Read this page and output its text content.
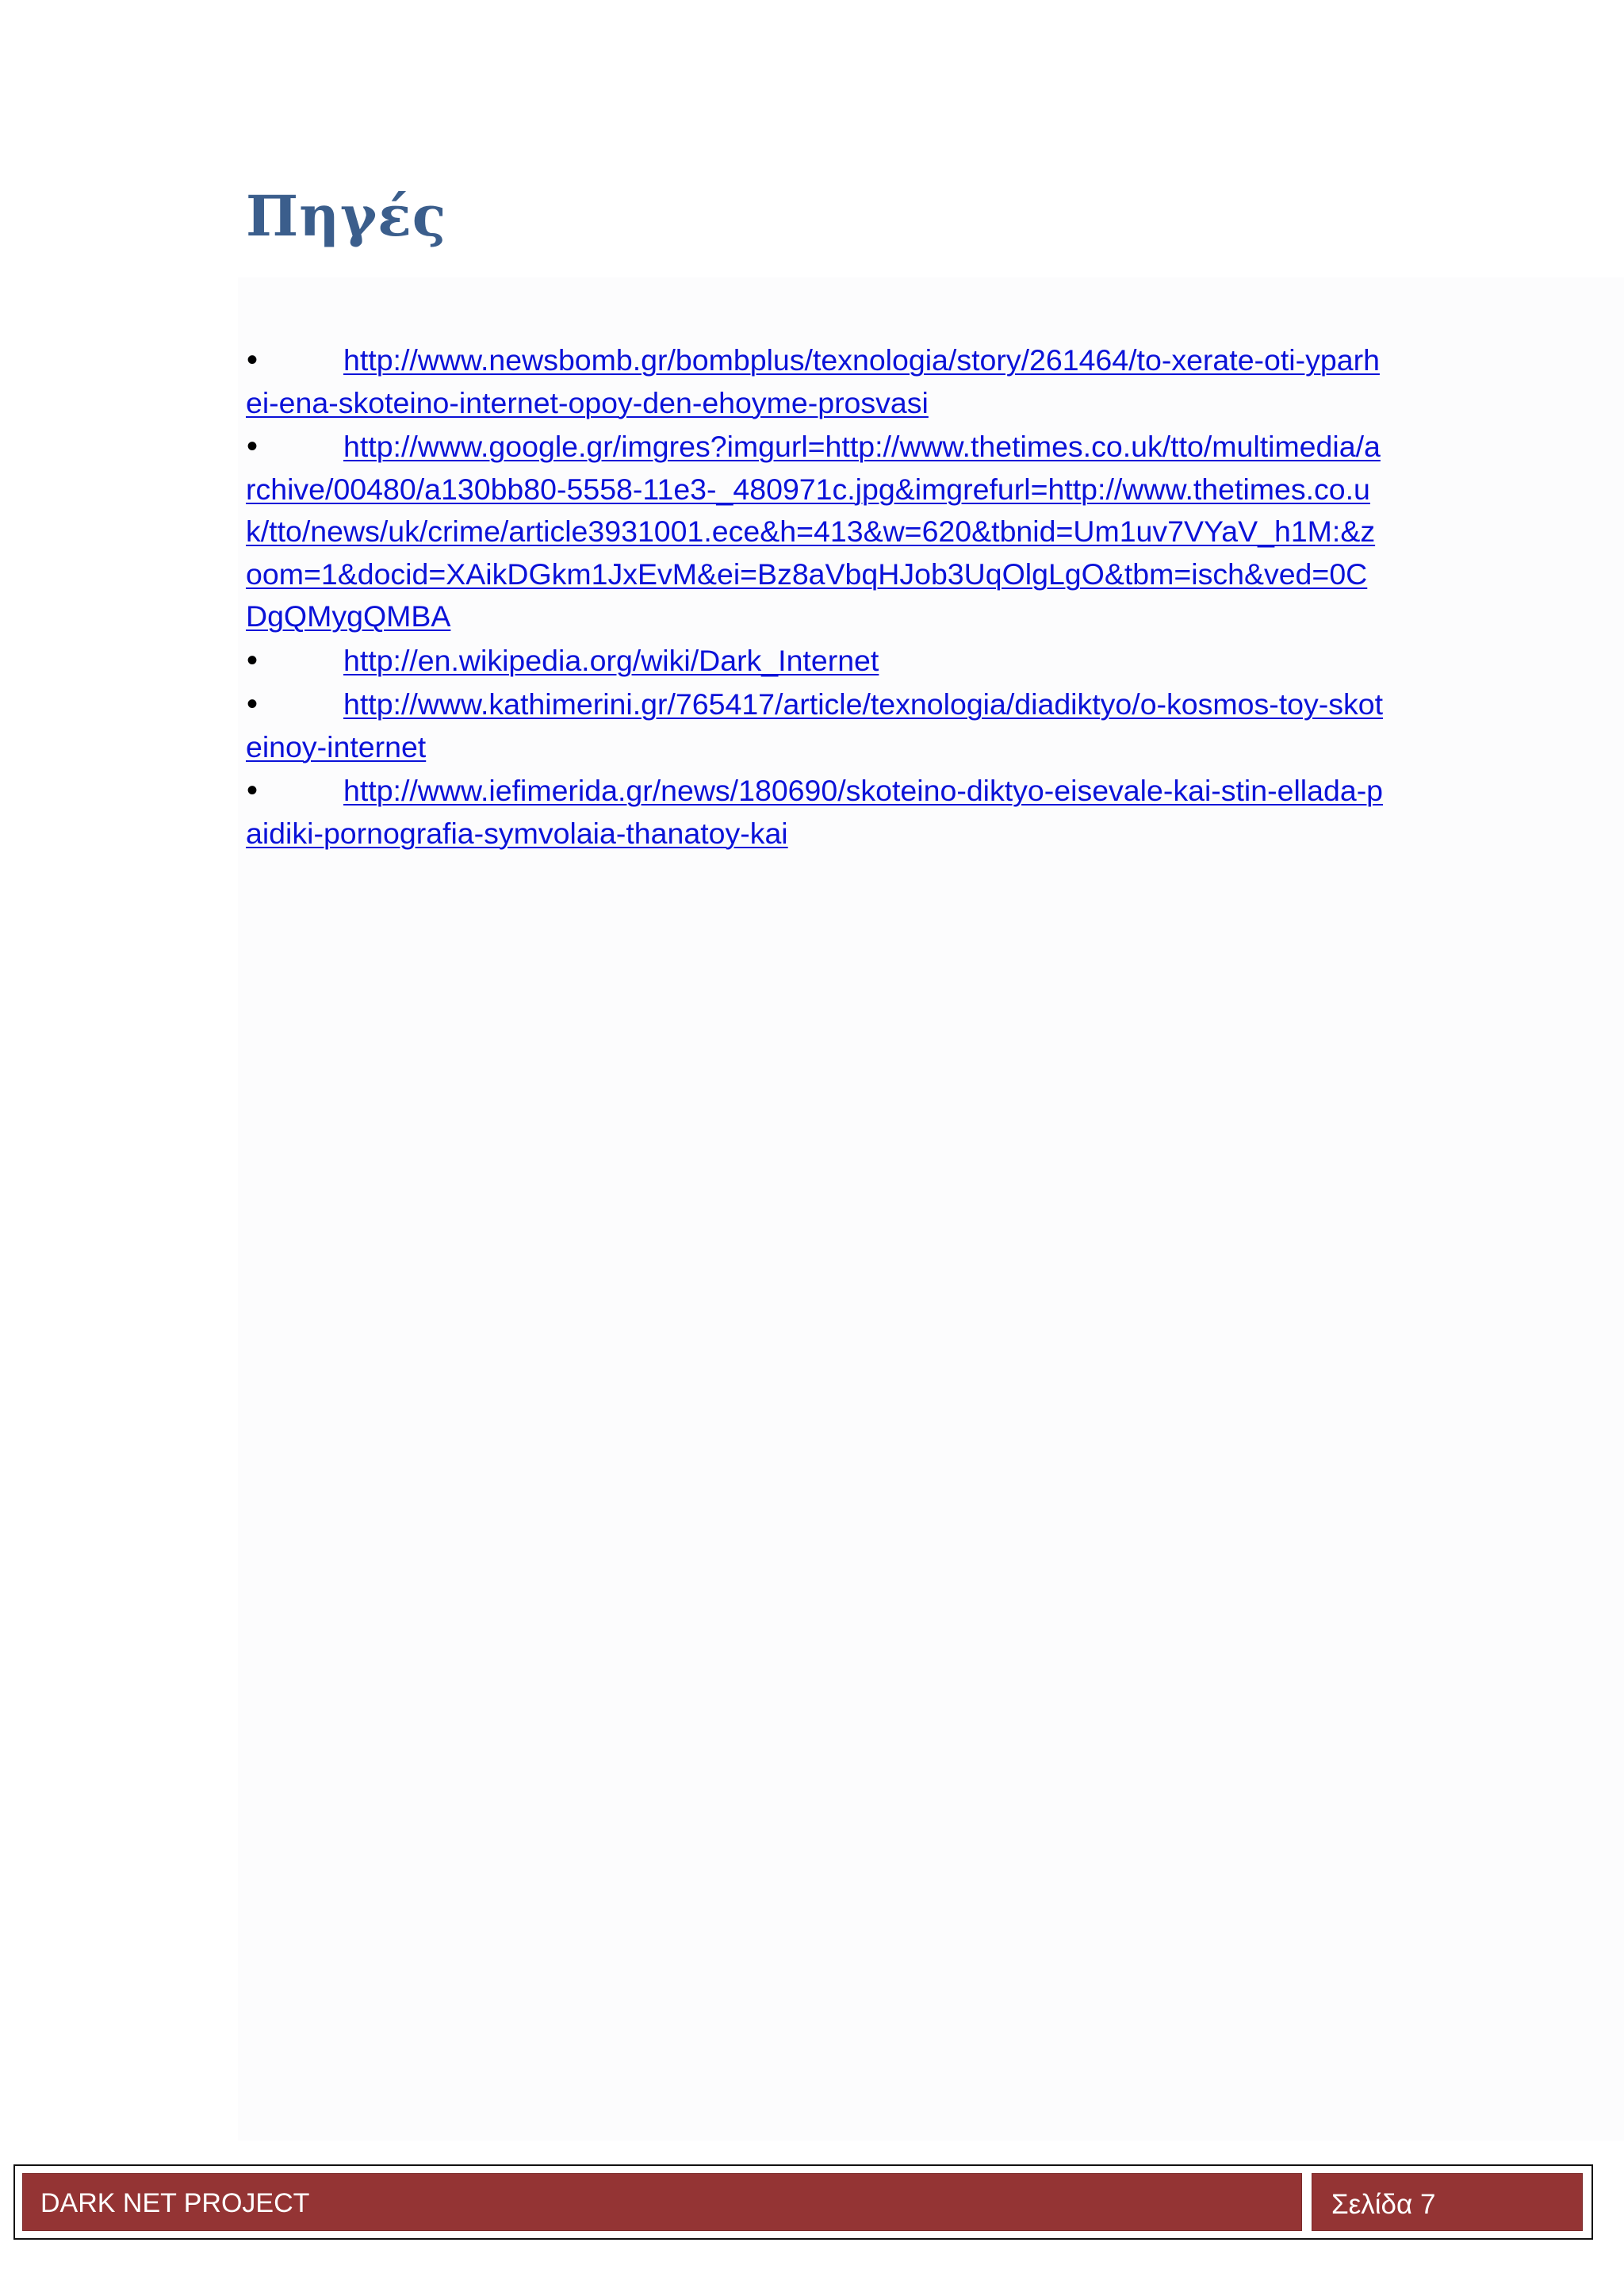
Πηγές
•	http://www.newsbomb.gr/bombplus/texnologia/story/261464/to-xerate-oti-yparhei-ena-skoteino-internet-opoy-den-ehoyme-prosvasi
•	http://www.google.gr/imgres?imgurl=http://www.thetimes.co.uk/tto/multimedia/archive/00480/a130bb80-5558-11e3-_480971c.jpg&imgrefurl=http://www.thetimes.co.uk/tto/news/uk/crime/article3931001.ece&h=413&w=620&tbnid=Um1uv7VYaV_h1M:&zoom=1&docid=XAikDGkm1JxEvM&ei=Bz8aVbqHJob3UqOlgLgO&tbm=isch&ved=0CDgQMygQMBA
•	http://en.wikipedia.org/wiki/Dark_Internet
•	http://www.kathimerini.gr/765417/article/texnologia/diadiktyo/o-kosmos-toy-skoteinoy-internet
•	http://www.iefimerida.gr/news/180690/skoteino-diktyo-eisevale-kai-stin-ellada-paidiki-pornografia-symvolaia-thanatoy-kai
DARK NET PROJECT	Σελίδα 7
